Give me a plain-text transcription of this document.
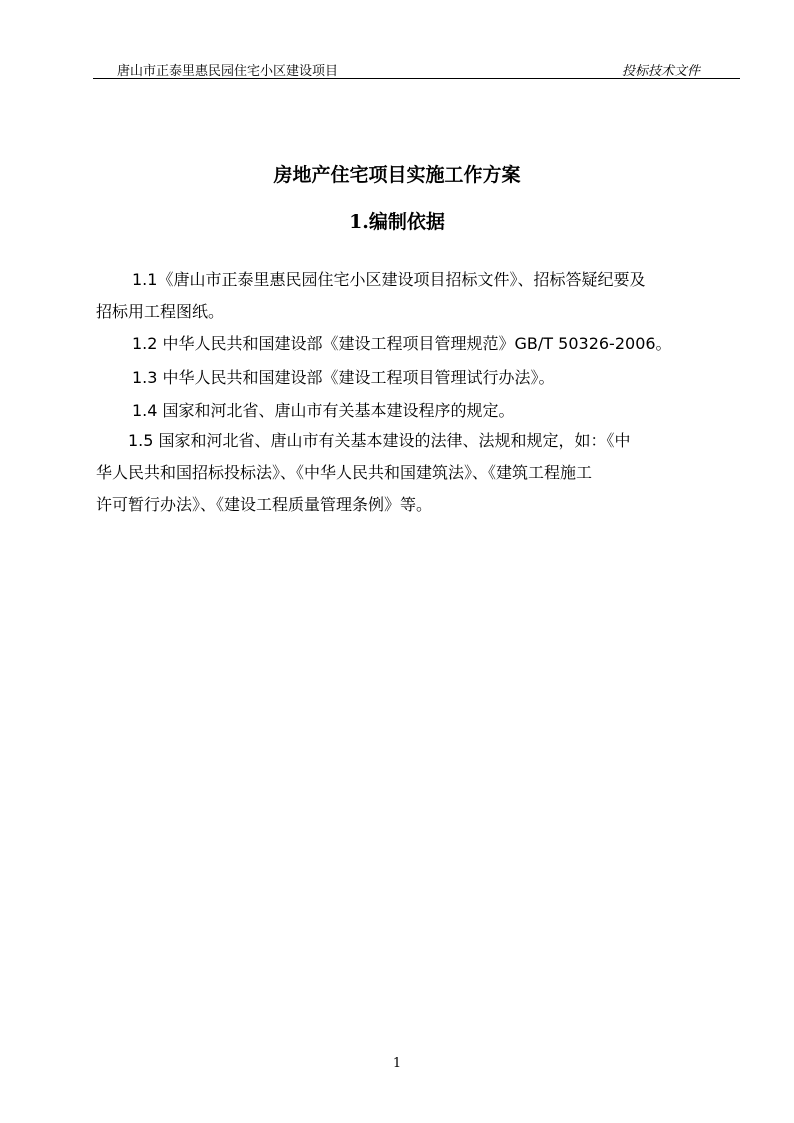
唐山市正泰里惠民园住宅小区建设项目	投标技术文件
房地产住宅项目实施工作方案
1.编制依据
1.1《唐山市正泰里惠民园住宅小区建设项目招标文件》、招标答疑纪要及
招标用工程图纸。
1.2 中华人民共和国建设部《建设工程项目管理规范》GB/T 50326-2006。
1.3 中华人民共和国建设部《建设工程项目管理试行办法》。
1.4 国家和河北省、唐山市有关基本建设程序的规定。
1.5 国家和河北省、唐山市有关基本建设的法律、法规和规定，如：《中
华人民共和国招标投标法》、《中华人民共和国建筑法》、《建筑工程施工
许可暂行办法》、《建设工程质量管理条例》等。
1
